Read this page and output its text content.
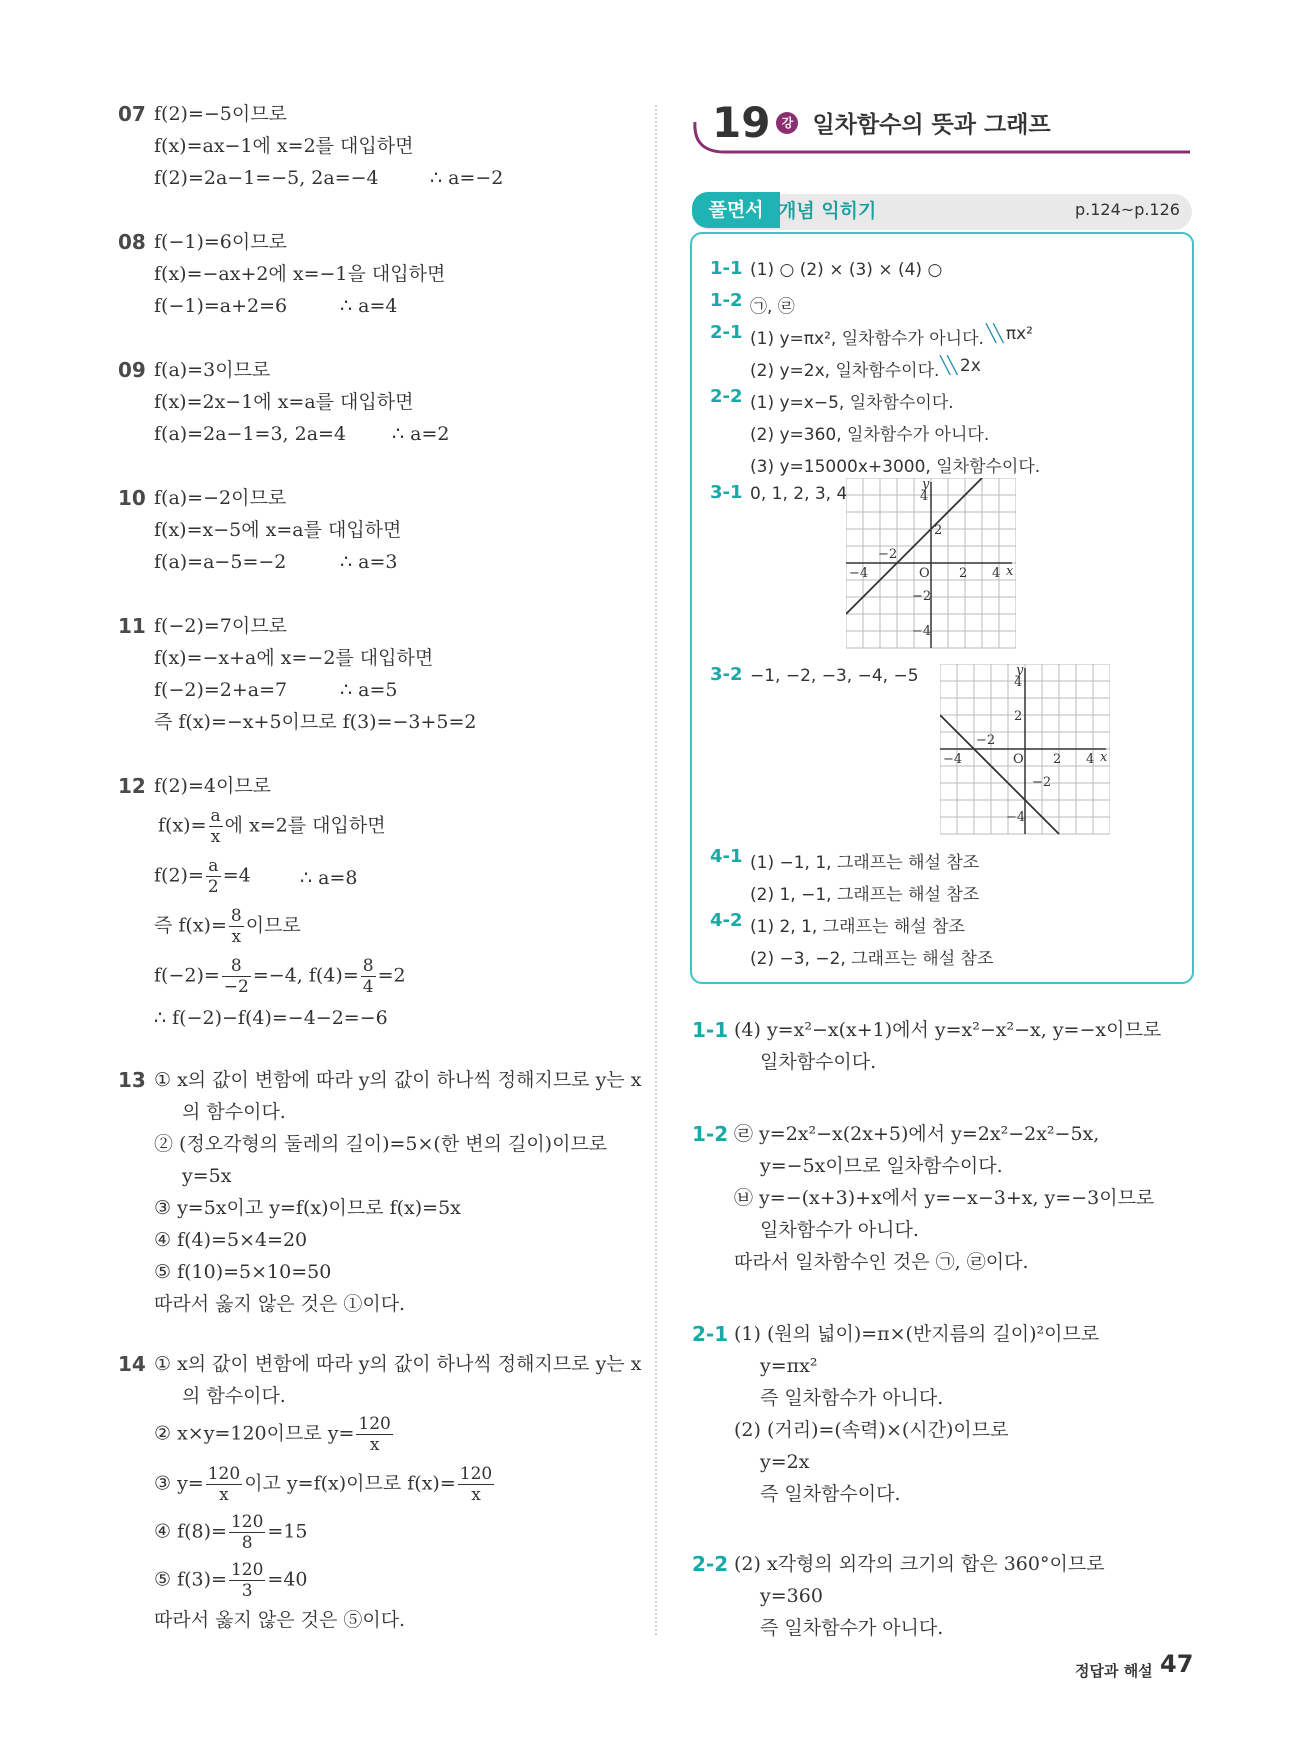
07 f(2)=−5이므로
f(x)=ax−1에 x=2를 대입하면
f(2)=2a−1=−5, 2a=−4	∴ a=−2
08 f(−1)=6이므로
f(x)=−ax+2에 x=−1을 대입하면
f(−1)=a+2=6	∴ a=4
09 f(a)=3이므로
f(x)=2x−1에 x=a를 대입하면
f(a)=2a−1=3, 2a=4 ∴ a=2
10 f(a)=−2이므로
f(x)=x−5에 x=a를 대입하면
f(a)=a−5=−2	∴ a=3
11 f(−2)=7이므로
f(x)=−x+a에 x=−2를 대입하면
f(−2)=2+a=7	∴ a=5
즉 f(x)=−x+5이므로 f(3)=−3+5=2
12 f(2)=4이므로
$f(x)= \frac{a}{x}$ 에 x=2를 대입하면
$f(2)= \frac{a}{2} =4$	∴ a=8
즉 $f(x)= \frac{8}{x}$ 이므로
$f(-2)= \frac{8}{-2} =-4$, $f(4)= \frac{8}{4} =2$
∴ f(−2)−f(4)=−4−2=−6
13 ① x의 값이 변함에 따라 y의 값이 하나씩 정해지므로 y는 x
의 함수이다.
② (정오각형의 둘레의 길이)=5×(한 변의 길이)이므로
y=5x
③ y=5x이고 y=f(x)이므로 f(x)=5x
④ f(4)=5×4=20
⑤ f(10)=5×10=50
따라서 옳지 않은 것은 ①이다.
14 ① x의 값이 변함에 따라 y의 값이 하나씩 정해지므로 y는 x
의 함수이다.
② x×y=120이므로 $y= \frac{120}{x}$
③ $y= \frac{120}{x}$ 이고 y=f(x)이므로 $f(x)= \frac{120}{x}$
④ $f(8)= \frac{120}{8} =15$
⑤ $f(3)= \frac{120}{3} =40$
따라서 옳지 않은 것은 ⑤이다.
19 강 일차함수의 뜻과 그래프
풀면서 개념 익히기	p.124~p.126
1-1 (1) ○ (2) × (3) × (4) ○
1-2 ㉠, ㉣
2-1 (1) y=πx², 일차함수가 아니다. ╲╲ πx²
(2) y=2x, 일차함수이다. ╲╲ 2x
2-2 (1) y=x−5, 일차함수이다.
(2) y=360, 일차함수가 아니다.
(3) y=15000x+3000, 일차함수이다.
3-1 0, 1, 2, 3, 4	y
x
O
4
2
−2
−4	2 4
−2
−4
3-2 −1, −2, −3, −4, −5	y
x
O
4
2
−2
−4	2 4
−2
−4
4-1 (1) −1, 1, 그래프는 해설 참조
(2) 1, −1, 그래프는 해설 참조
4-2 (1) 2, 1, 그래프는 해설 참조
(2) −3, −2, 그래프는 해설 참조
1-1 (4) y=x²−x(x+1)에서 y=x²−x²−x, y=−x이므로
일차함수이다.
1-2 ㉣ y=2x²−x(2x+5)에서 y=2x²−2x²−5x,
y=−5x이므로 일차함수이다.
㉥ y=−(x+3)+x에서 y=−x−3+x, y=−3이므로
일차함수가 아니다.
따라서 일차함수인 것은 ㉠, ㉣이다.
2-1 (1) (원의 넓이)=π×(반지름의 길이)²이므로
y=πx²
즉 일차함수가 아니다.
(2) (거리)=(속력)×(시간)이므로
y=2x
즉 일차함수이다.
2-2 (2) x각형의 외각의 크기의 합은 360°이므로
y=360
즉 일차함수가 아니다.
정답과 해설 47
